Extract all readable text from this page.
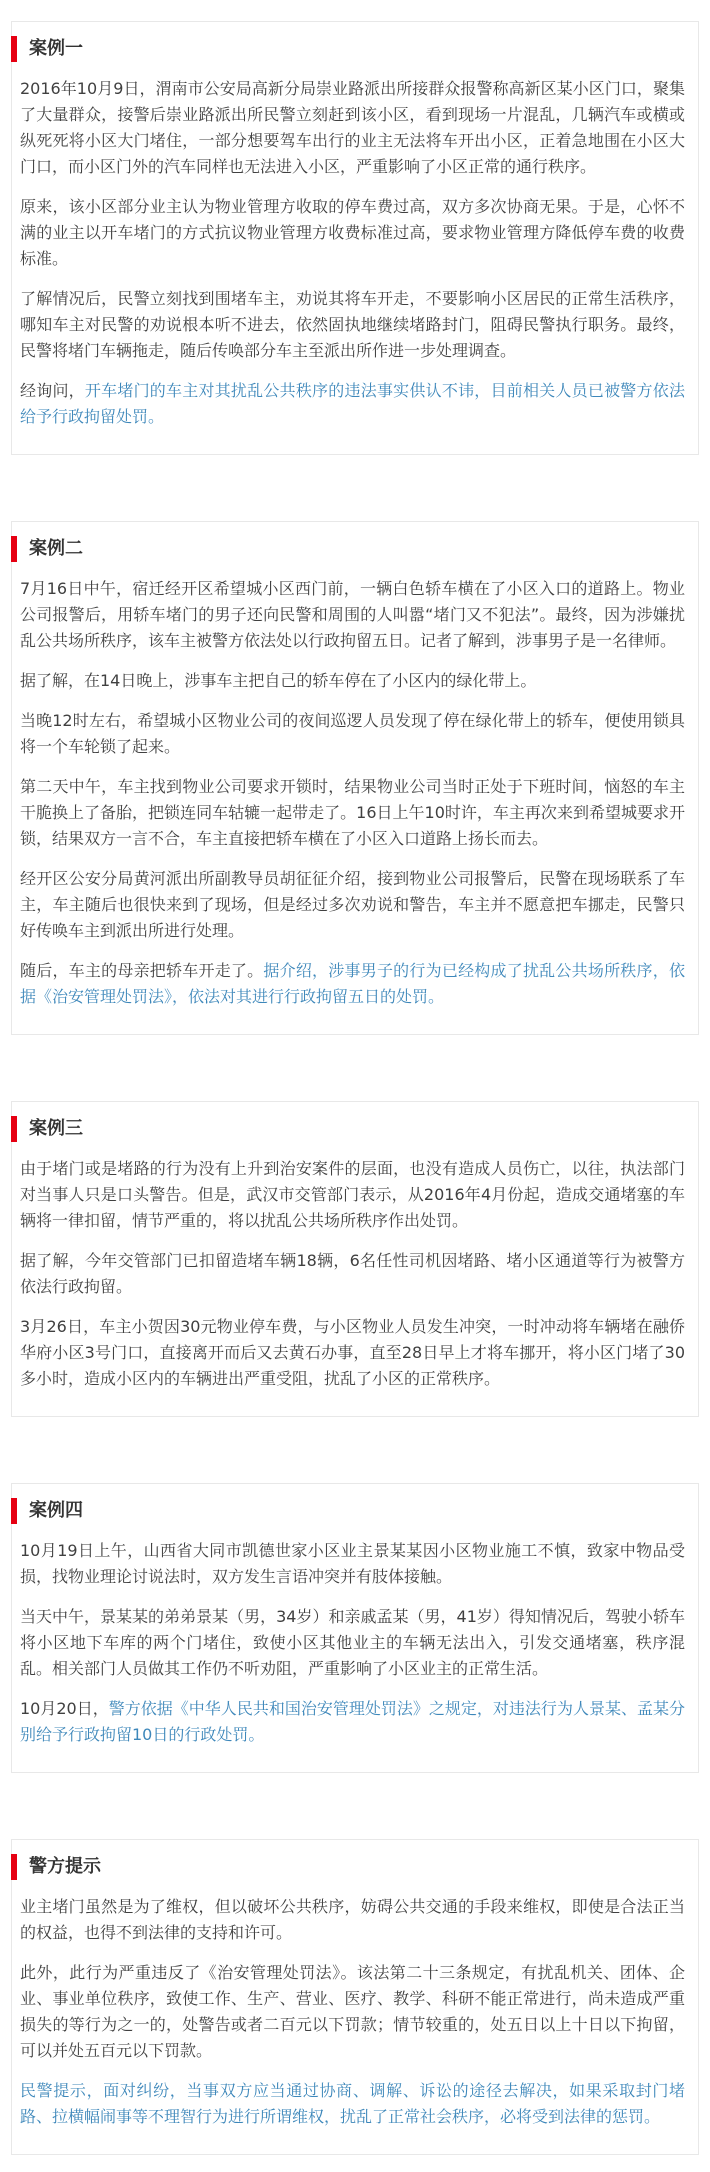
案例一

2016年10月9日，渭南市公安局高新分局崇业路派出所接群众报警称高新区某小区门口，聚集了大量群众，接警后崇业路派出所民警立刻赶到该小区，看到现场一片混乱，几辆汽车或横或纵死死将小区大门堵住，一部分想要驾车出行的业主无法将车开出小区，正着急地围在小区大门口，而小区门外的汽车同样也无法进入小区，严重影响了小区正常的通行秩序。

原来，该小区部分业主认为物业管理方收取的停车费过高，双方多次协商无果。于是，心怀不满的业主以开车堵门的方式抗议物业管理方收费标准过高，要求物业管理方降低停车费的收费标准。

了解情况后，民警立刻找到围堵车主，劝说其将车开走，不要影响小区居民的正常生活秩序，哪知车主对民警的劝说根本听不进去，依然固执地继续堵路封门，阻碍民警执行职务。最终，民警将堵门车辆拖走，随后传唤部分车主至派出所作进一步处理调查。

经询问，开车堵门的车主对其扰乱公共秩序的违法事实供认不讳，目前相关人员已被警方依法给予行政拘留处罚。

案例二

7月16日中午，宿迁经开区希望城小区西门前，一辆白色轿车横在了小区入口的道路上。物业公司报警后，用轿车堵门的男子还向民警和周围的人叫嚣“堵门又不犯法”。最终，因为涉嫌扰乱公共场所秩序，该车主被警方依法处以行政拘留五日。记者了解到，涉事男子是一名律师。

据了解，在14日晚上，涉事车主把自己的轿车停在了小区内的绿化带上。

当晚12时左右，希望城小区物业公司的夜间巡逻人员发现了停在绿化带上的轿车，便使用锁具将一个车轮锁了起来。

第二天中午，车主找到物业公司要求开锁时，结果物业公司当时正处于下班时间，恼怒的车主干脆换上了备胎，把锁连同车轱辘一起带走了。16日上午10时许，车主再次来到希望城要求开锁，结果双方一言不合，车主直接把轿车横在了小区入口道路上扬长而去。

经开区公安分局黄河派出所副教导员胡征征介绍，接到物业公司报警后，民警在现场联系了车主，车主随后也很快来到了现场，但是经过多次劝说和警告，车主并不愿意把车挪走，民警只好传唤车主到派出所进行处理。

随后，车主的母亲把轿车开走了。据介绍，涉事男子的行为已经构成了扰乱公共场所秩序，依据《治安管理处罚法》，依法对其进行行政拘留五日的处罚。

案例三

由于堵门或是堵路的行为没有上升到治安案件的层面，也没有造成人员伤亡，以往，执法部门对当事人只是口头警告。但是，武汉市交管部门表示，从2016年4月份起，造成交通堵塞的车辆将一律扣留，情节严重的，将以扰乱公共场所秩序作出处罚。

据了解，今年交管部门已扣留造堵车辆18辆，6名任性司机因堵路、堵小区通道等行为被警方依法行政拘留。

3月26日，车主小贺因30元物业停车费，与小区物业人员发生冲突，一时冲动将车辆堵在融侨华府小区3号门口，直接离开而后又去黄石办事，直至28日早上才将车挪开，将小区门堵了30多小时，造成小区内的车辆进出严重受阻，扰乱了小区的正常秩序。

案例四

10月19日上午，山西省大同市凯德世家小区业主景某某因小区物业施工不慎，致家中物品受损，找物业理论讨说法时，双方发生言语冲突并有肢体接触。

当天中午，景某某的弟弟景某（男，34岁）和亲戚孟某（男，41岁）得知情况后，驾驶小轿车将小区地下车库的两个门堵住，致使小区其他业主的车辆无法出入，引发交通堵塞，秩序混乱。相关部门人员做其工作仍不听劝阻，严重影响了小区业主的正常生活。

10月20日，警方依据《中华人民共和国治安管理处罚法》之规定，对违法行为人景某、孟某分别给予行政拘留10日的行政处罚。

警方提示

业主堵门虽然是为了维权，但以破坏公共秩序，妨碍公共交通的手段来维权，即使是合法正当的权益，也得不到法律的支持和许可。

此外，此行为严重违反了《治安管理处罚法》。该法第二十三条规定，有扰乱机关、团体、企业、事业单位秩序，致使工作、生产、营业、医疗、教学、科研不能正常进行，尚未造成严重损失的等行为之一的，处警告或者二百元以下罚款；情节较重的，处五日以上十日以下拘留，可以并处五百元以下罚款。

民警提示，面对纠纷，当事双方应当通过协商、调解、诉讼的途径去解决，如果采取封门堵路、拉横幅闹事等不理智行为进行所谓维权，扰乱了正常社会秩序，必将受到法律的惩罚。
